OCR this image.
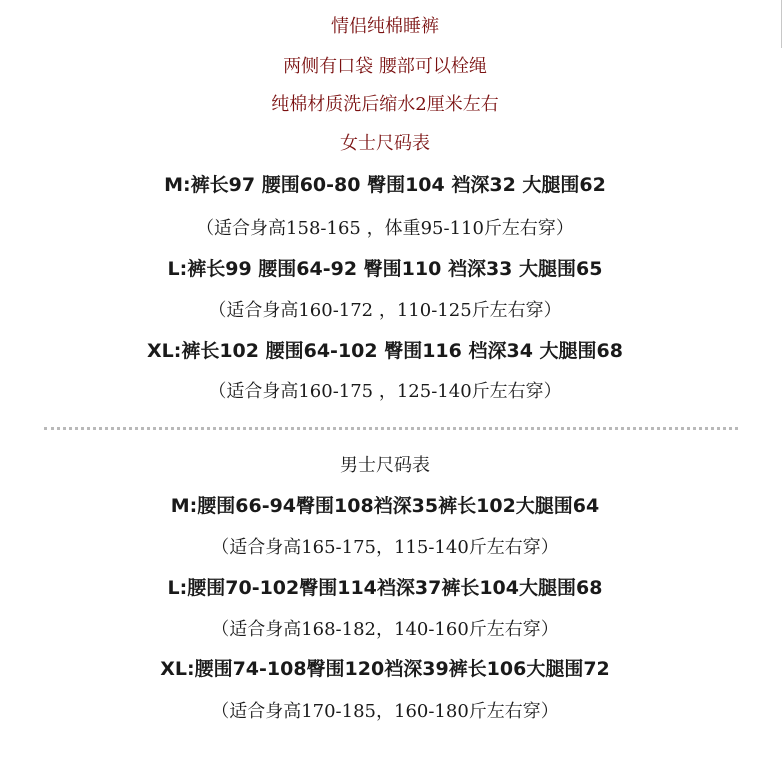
情侣纯棉睡裤
两侧有口袋 腰部可以栓绳
纯棉材质洗后缩水2厘米左右
女士尺码表
M:裤长97 腰围60-80 臀围104 裆深32 大腿围62
（适合身高158-165 ，体重95-110斤左右穿）
L:裤长99 腰围64-92 臀围110 裆深33 大腿围65
（适合身高160-172 ，110-125斤左右穿）
XL:裤长102 腰围64-102 臀围116 档深34 大腿围68
（适合身高160-175 ，125-140斤左右穿）
男士尺码表
M:腰围66-94臀围108裆深35裤长102大腿围64
（适合身高165-175，115-140斤左右穿）
L:腰围70-102臀围114裆深37裤长104大腿围68
（适合身高168-182，140-160斤左右穿）
XL:腰围74-108臀围120裆深39裤长106大腿围72
（适合身高170-185，160-180斤左右穿）
